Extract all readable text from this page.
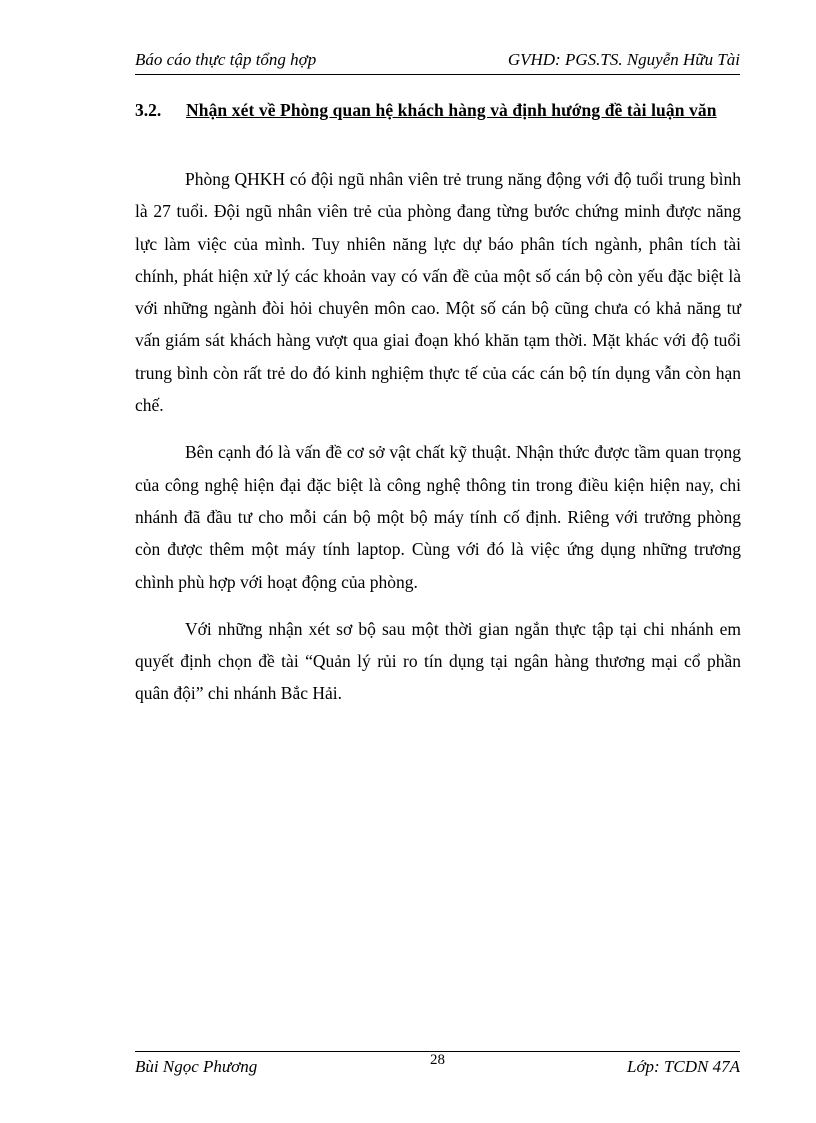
Báo cáo thực tập tổng hợp	GVHD: PGS.TS. Nguyễn Hữu Tài
3.2.	Nhận xét về Phòng quan hệ khách hàng và định hướng đề tài luận văn

Phòng QHKH có đội ngũ nhân viên trẻ trung năng động với độ tuổi trung bình là 27 tuổi. Đội ngũ nhân viên trẻ của phòng đang từng bước chứng minh được năng lực làm việc của mình. Tuy nhiên năng lực dự báo phân tích ngành, phân tích tài chính, phát hiện xử lý các khoản vay có vấn đề của một số cán bộ còn yếu đặc biệt là với những ngành đòi hỏi chuyên môn cao. Một số cán bộ cũng chưa có khả năng tư vấn giám sát khách hàng vượt qua giai đoạn khó khăn tạm thời. Mặt khác với độ tuổi trung bình còn rất trẻ do đó kinh nghiệm thực tế của các cán bộ tín dụng vẫn còn hạn chế.

Bên cạnh đó là vấn đề cơ sở vật chất kỹ thuật. Nhận thức được tầm quan trọng của công nghệ hiện đại đặc biệt là công nghệ thông tin trong điều kiện hiện nay, chi nhánh đã đầu tư cho mỗi cán bộ một bộ máy tính cố định. Riêng với trưởng phòng còn được thêm một máy tính laptop. Cùng với đó là việc ứng dụng những trương chình phù hợp với hoạt động của phòng.

Với những nhận xét sơ bộ sau một thời gian ngắn thực tập tại chi nhánh em quyết định chọn đề tài “Quản lý rủi ro tín dụng tại ngân hàng thương mại cổ phần quân đội” chi nhánh Bắc Hải.

Bùi Ngọc Phương	28	Lớp: TCDN 47A
